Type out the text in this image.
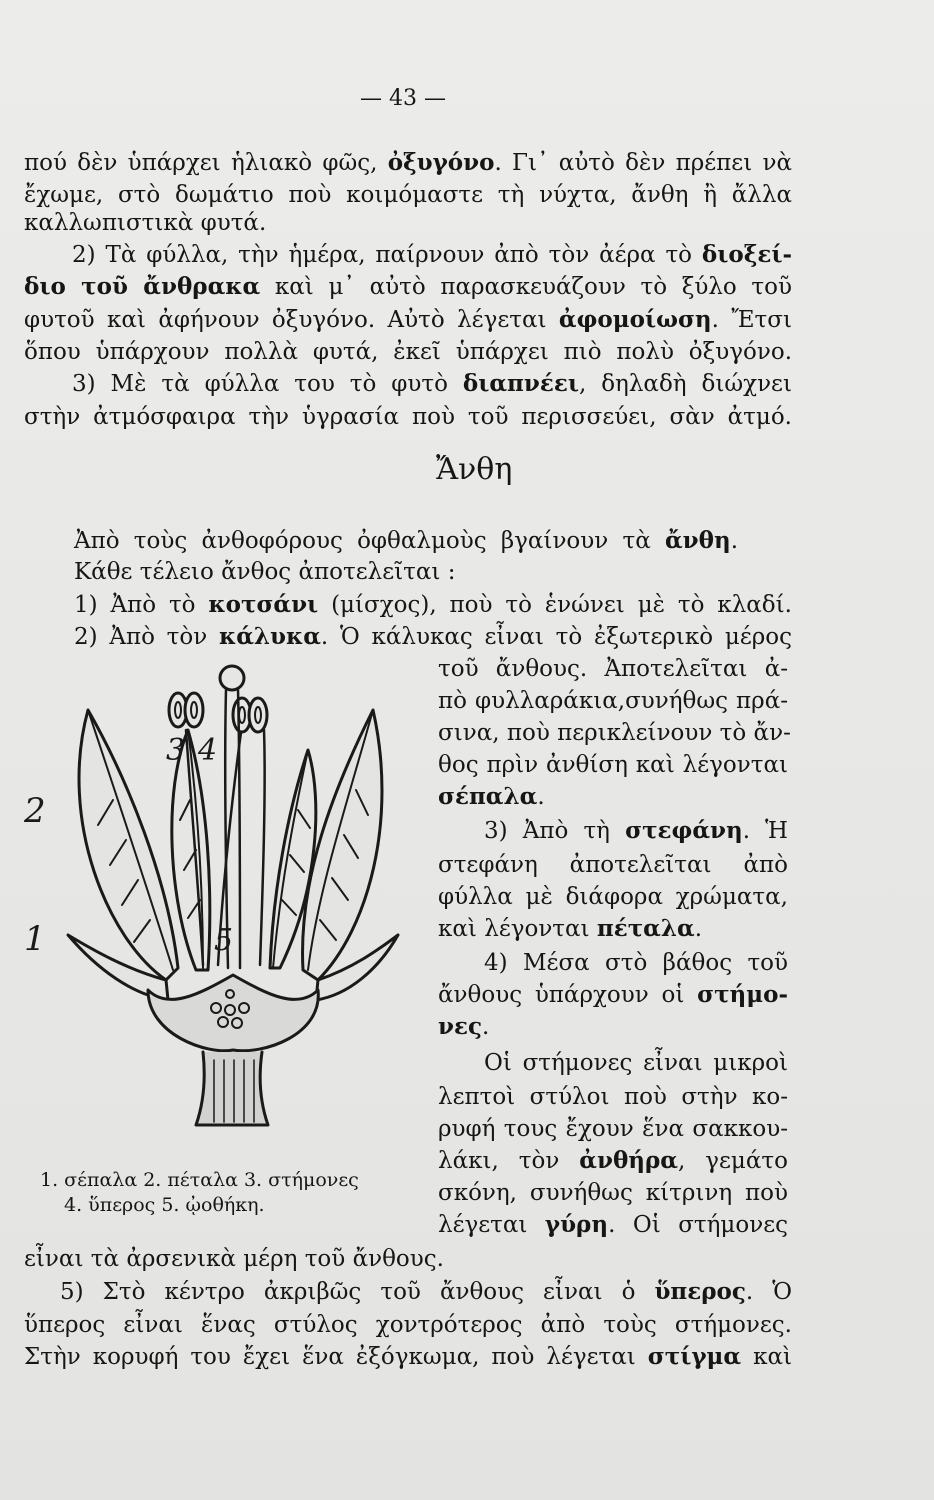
— 43 —

πού δὲν ὑπάρχει ἡλιακὸ φῶς, ὀξυγόνο. Γι᾽ αὐτὸ δὲν πρέπει νὰ

ἔχωμε, στὸ δωμάτιο ποὺ κοιμόμαστε τὴ νύχτα, ἄνθη ἢ ἄλλα

καλλωπιστικὰ φυτά.

2) Τὰ φύλλα, τὴν ἡμέρα, παίρνουν ἀπὸ τὸν ἀέρα τὸ διοξεί-

διο τοῦ ἄνθρακα καὶ μ᾽ αὐτὸ παρασκευάζουν τὸ ξύλο τοῦ

φυτοῦ καὶ ἀφήνουν ὀξυγόνο. Αὐτὸ λέγεται ἀφομοίωση. Ἔτσι

ὅπου ὑπάρχουν πολλὰ φυτά, ἐκεῖ ὑπάρχει πιὸ πολὺ ὀξυγόνο.

3) Μὲ τὰ φύλλα του τὸ φυτὸ διαπνέει, δηλαδὴ διώχνει

στὴν ἀτμόσφαιρα τὴν ὑγρασία ποὺ τοῦ περισσεύει, σὰν ἀτμό.

Ἄνθη

Ἀπὸ τοὺς ἀνθοφόρους ὀφθαλμοὺς βγαίνουν τὰ ἄνθη.

Κάθε τέλειο ἄνθος ἀποτελεῖται :

1) Ἀπὸ τὸ κοτσάνι (μίσχος), ποὺ τὸ ἑνώνει μὲ τὸ κλαδί.

2) Ἀπὸ τὸν κάλυκα. Ὁ κάλυκας εἶναι τὸ ἐξωτερικὸ μέρος

τοῦ ἄνθους. Ἀποτελεῖται ἀ-

πὸ φυλλαράκια,συνήθως πρά-

σινα, ποὺ περικλείνουν τὸ ἄν-

θος πρὶν ἀνθίση καὶ λέγονται

σέπαλα.

3) Ἀπὸ τὴ στεφάνη. Ἡ

στεφάνη ἀποτελεῖται ἀπὸ

φύλλα μὲ διάφορα χρώματα,

καὶ λέγονται πέταλα.

4) Μέσα στὸ βάθος τοῦ

ἄνθους ὑπάρχουν οἱ στήμο-

νες.

Οἱ στήμονες εἶναι μικροὶ

λεπτοὶ στύλοι ποὺ στὴν κο-

ρυφή τους ἔχουν ἕνα σακκου-

λάκι, τὸν ἀνθήρα, γεμάτο

σκόνη, συνήθως κίτρινη ποὺ

λέγεται γύρη. Οἱ στήμονες

1
2
3 4
5
1. σέπαλα 2. πέταλα 3. στήμονες
4. ὕπερος 5. ᾠοθήκη.

εἶναι τὰ ἀρσενικὰ μέρη τοῦ ἄνθους.

5) Στὸ κέντρο ἀκριβῶς τοῦ ἄνθους εἶναι ὁ ὕπερος. Ὁ

ὕπερος εἶναι ἕνας στύλος χοντρότερος ἀπὸ τοὺς στήμονες.

Στὴν κορυφή του ἔχει ἕνα ἐξόγκωμα, ποὺ λέγεται στίγμα καὶ
